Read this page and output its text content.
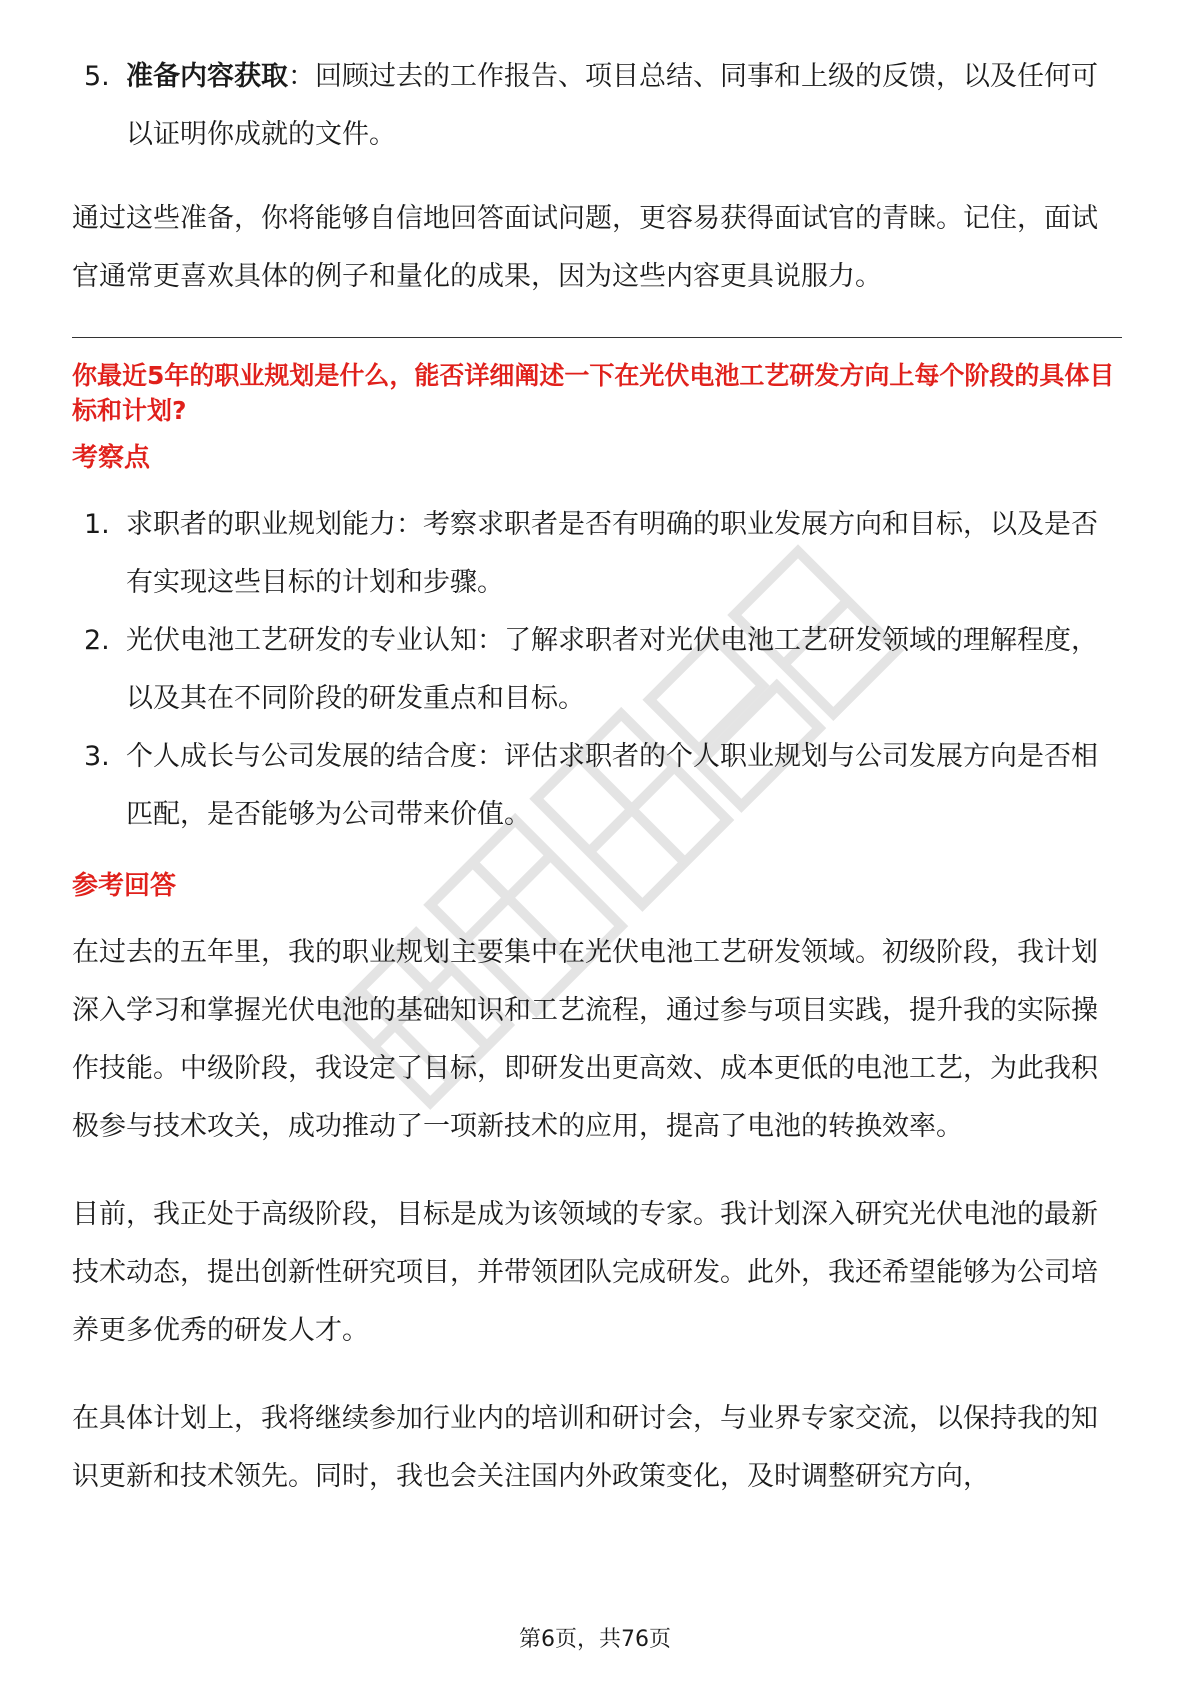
5. 准备内容获取：回顾过去的工作报告、项目总结、同事和上级的反馈，以及任何可以证明你成就的文件。

通过这些准备，你将能够自信地回答面试问题，更容易获得面试官的青睐。记住，面试官通常更喜欢具体的例子和量化的成果，因为这些内容更具说服力。

你最近5年的职业规划是什么，能否详细阐述一下在光伏电池工艺研发方向上每个阶段的具体目标和计划?

考察点

1. 求职者的职业规划能力：考察求职者是否有明确的职业发展方向和目标，以及是否有实现这些目标的计划和步骤。
2. 光伏电池工艺研发的专业认知：了解求职者对光伏电池工艺研发领域的理解程度，以及其在不同阶段的研发重点和目标。
3. 个人成长与公司发展的结合度：评估求职者的个人职业规划与公司发展方向是否相匹配，是否能够为公司带来价值。

参考回答

在过去的五年里，我的职业规划主要集中在光伏电池工艺研发领域。初级阶段，我计划深入学习和掌握光伏电池的基础知识和工艺流程，通过参与项目实践，提升我的实际操作技能。中级阶段，我设定了目标，即研发出更高效、成本更低的电池工艺，为此我积极参与技术攻关，成功推动了一项新技术的应用，提高了电池的转换效率。

目前，我正处于高级阶段，目标是成为该领域的专家。我计划深入研究光伏电池的最新技术动态，提出创新性研究项目，并带领团队完成研发。此外，我还希望能够为公司培养更多优秀的研发人才。

在具体计划上，我将继续参加行业内的培训和研讨会，与业界专家交流，以保持我的知识更新和技术领先。同时，我也会关注国内外政策变化，及时调整研究方向，

第6页，共76页
